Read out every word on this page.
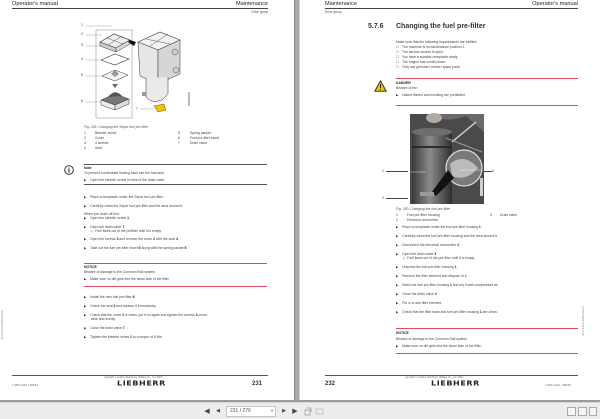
Operator's manual	Maintenance
Drive group
1
2
3
4
5
6
7
Fig. 249: Changing the Separ fuel pre-filter
1	Bleeder screw
2	Cover
3	4 screws
4	Seal
5	Spring packet
6	Fuel pre-filter insert
7	Drain valve
i	Note
To prevent condensate flowing back into the fuel tank:
▶ Open the bleeder screw in front of the drain valve.
▶ Place a receptacle under the Separ fuel pre-filter.
▶ Carefully clean the Separ fuel pre-filter and the area around it.
When you drain off fuel:
▶ Open the bleeder screw 1.
▶ Open the drain valve 7.
▷ Fuel flows out of the prefilter until it is empty.
▶ Open the screws 3 and remove the cover 2 with the seal 4.
▶ Take out the fuel pre-filter insert 6 along with the spring packet 5.
NOTICE
Beware of damage to the Common Rail system.
▶ Make sure no dirt gets into the clean side of the filter.
▶ Install the new fuel pre-filter 6.
▶ Check the seal 4 and replace it if necessary.
▶ Check that the cover 2 is clean, put it on again and tighten the screws 3 cross-
wise and evenly.
▶ Close the drain valve 7.
▶ Tighten the bleeder screw 1 to a torque of 6 Nm.
LWT/10/2014/00000-DE/EN
L 580-1412 / 28181
copyright © Liebherr Machinery (Dalian) Co., Ltd. 2015
LIEBHERR	231
Maintenance	Operator's manual
Drive group
5.7.6 Changing the fuel pre-filter
Make sure that the following requirements are fulfilled:
☐ The machine is in maintenance position 1.
☐ The service access is open.
☐ You have a suitable receptacle ready.
☐ The engine has cooled down.
☐ Only use genuine Liebherr spare parts.
DANGER
Beware of fire:
▶ Naked flames and smoking are prohibited.
1
2
3
Fig. 250: Changing the fuel pre-filter
1	Fuel pre-filter housing
2	Electrical connection
3 Drain valve
▶ Place a receptacle under the fuel pre-filter housing 1.
▶ Carefully clean the fuel pre-filter housing and the area around it.
▶ Disconnect the electrical connection 2.
▶ Open the drain valve 3.
▷ Fuel flows out of the pre-filter until it is empty.
▶ Unscrew the fuel pre-filter housing 1.
▶ Remove the filter element and dispose of it.
▶ Wash the fuel pre-filter housing 1 and dry it with compressed air.
▶ Close the drain valve 3.
▶ Put in a new filter element.
▶ Check that the filter base and fuel pre-filter housing 1 are clean.
NOTICE
Beware of damage to the Common Rail system.
▶ Make sure no dirt gets into the clean side of the filter.
LWT/10/2014/00000-DE/EN
232
copyright © Liebherr Machinery (Dalian) Co., Ltd. 2015
LIEBHERR	L 580-1412 / 28181
◀​	◀	231 / 276	▾	▶ ▶
